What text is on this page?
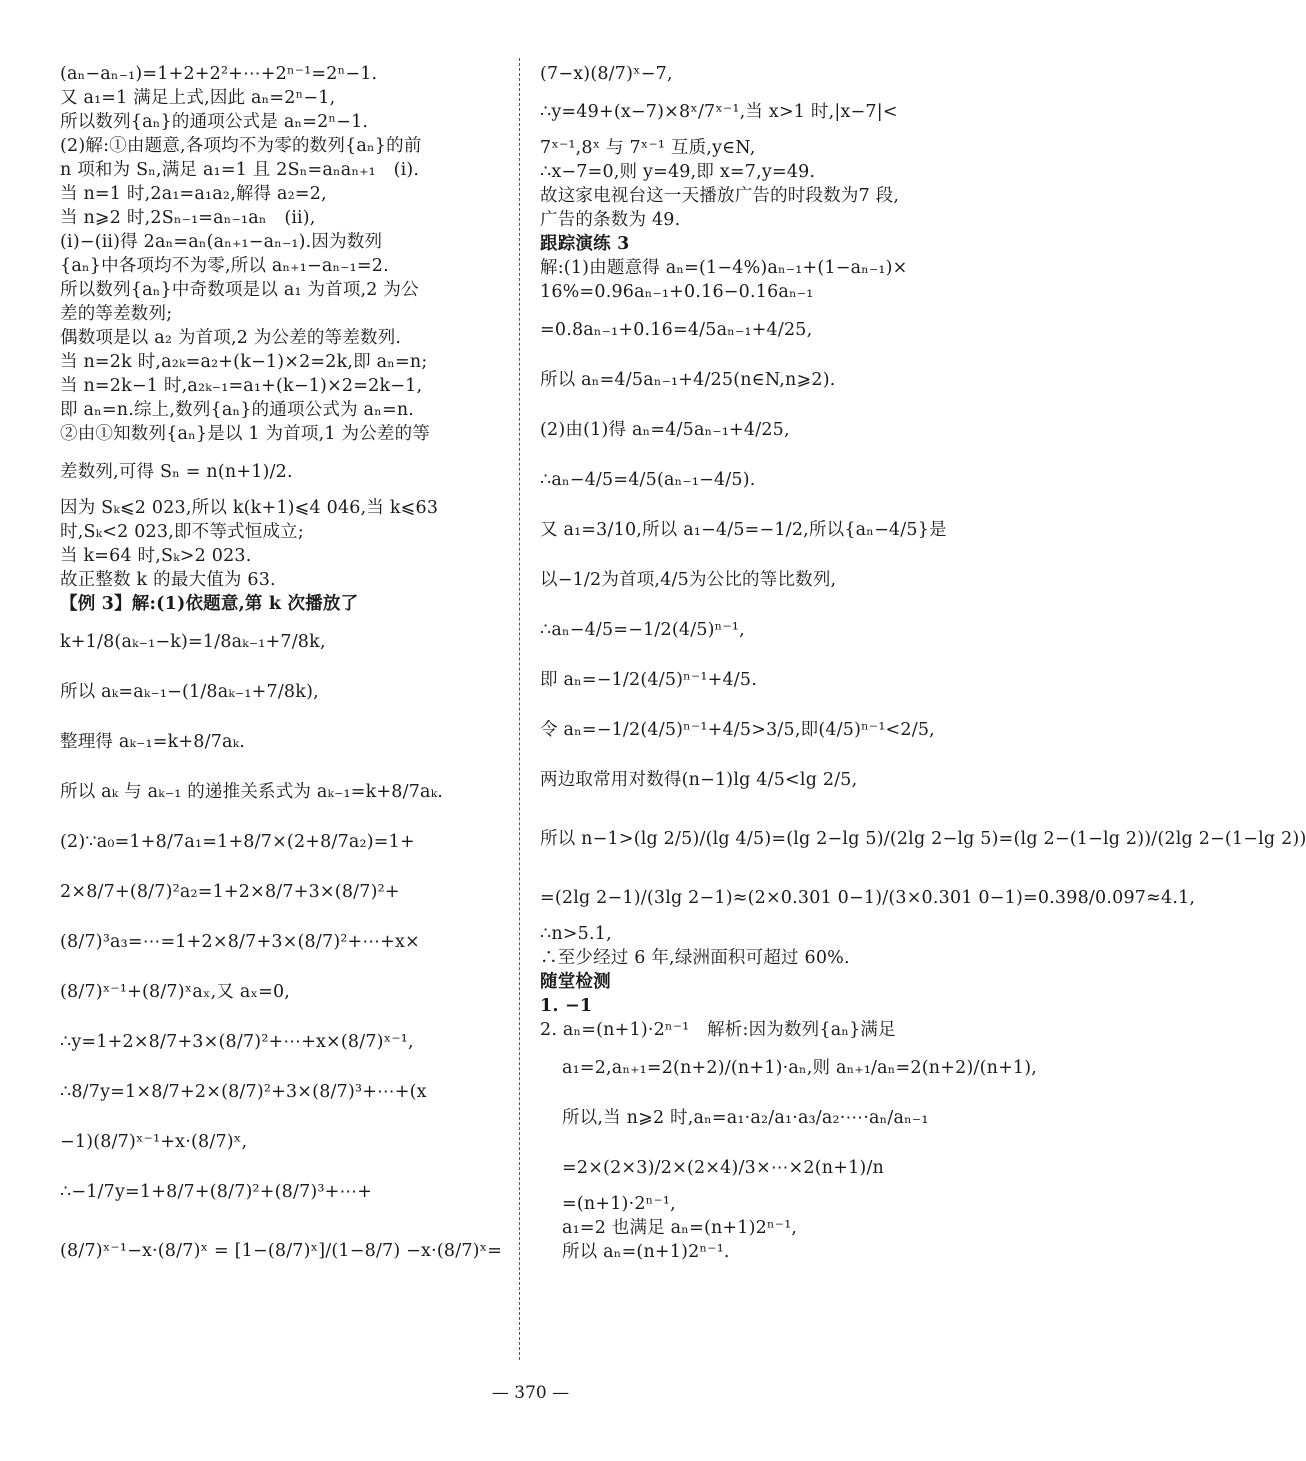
(aₙ−aₙ₋₁)=1+2+2²+⋯+2ⁿ⁻¹=2ⁿ−1.

又 a₁=1 满足上式,因此 aₙ=2ⁿ−1,

所以数列{aₙ}的通项公式是 aₙ=2ⁿ−1.

(2)解:①由题意,各项均不为零的数列{aₙ}的前

n 项和为 Sₙ,满足 a₁=1 且 2Sₙ=aₙaₙ₊₁　(ⅰ).

当 n=1 时,2a₁=a₁a₂,解得 a₂=2,

当 n⩾2 时,2Sₙ₋₁=aₙ₋₁aₙ　(ⅱ),

(ⅰ)−(ⅱ)得 2aₙ=aₙ(aₙ₊₁−aₙ₋₁).因为数列

{aₙ}中各项均不为零,所以 aₙ₊₁−aₙ₋₁=2.

所以数列{aₙ}中奇数项是以 a₁ 为首项,2 为公

差的等差数列;

偶数项是以 a₂ 为首项,2 为公差的等差数列.

当 n=2k 时,a₂ₖ=a₂+(k−1)×2=2k,即 aₙ=n;

当 n=2k−1 时,a₂ₖ₋₁=a₁+(k−1)×2=2k−1,

即 aₙ=n.综上,数列{aₙ}的通项公式为 aₙ=n.

②由①知数列{aₙ}是以 1 为首项,1 为公差的等

差数列,可得 Sₙ = n(n+1)/2.

因为 Sₖ⩽2 023,所以 k(k+1)⩽4 046,当 k⩽63

时,Sₖ<2 023,即不等式恒成立;

当 k=64 时,Sₖ>2 023.

故正整数 k 的最大值为 63.

【例 3】解:(1)依题意,第 k 次播放了

k+1/8(aₖ₋₁−k)=1/8aₖ₋₁+7/8k,

所以 aₖ=aₖ₋₁−(1/8aₖ₋₁+7/8k),

整理得 aₖ₋₁=k+8/7aₖ.

所以 aₖ 与 aₖ₋₁ 的递推关系式为 aₖ₋₁=k+8/7aₖ.

(2)∵a₀=1+8/7a₁=1+8/7×(2+8/7a₂)=1+

2×8/7+(8/7)²a₂=1+2×8/7+3×(8/7)²+

(8/7)³a₃=⋯=1+2×8/7+3×(8/7)²+⋯+x×

(8/7)ˣ⁻¹+(8/7)ˣaₓ,又 aₓ=0,

∴y=1+2×8/7+3×(8/7)²+⋯+x×(8/7)ˣ⁻¹,

∴8/7y=1×8/7+2×(8/7)²+3×(8/7)³+⋯+(x

−1)(8/7)ˣ⁻¹+x·(8/7)ˣ,

∴−1/7y=1+8/7+(8/7)²+(8/7)³+⋯+

(8/7)ˣ⁻¹−x·(8/7)ˣ = [1−(8/7)ˣ]/(1−8/7) −x·(8/7)ˣ=

(7−x)(8/7)ˣ−7,

∴y=49+(x−7)×8ˣ/7ˣ⁻¹,当 x>1 时,|x−7|<

7ˣ⁻¹,8ˣ 与 7ˣ⁻¹ 互质,y∈N,

∴x−7=0,则 y=49,即 x=7,y=49.

故这家电视台这一天播放广告的时段数为7 段,

广告的条数为 49.

跟踪演练 3

解:(1)由题意得 aₙ=(1−4%)aₙ₋₁+(1−aₙ₋₁)×

16%=0.96aₙ₋₁+0.16−0.16aₙ₋₁

=0.8aₙ₋₁+0.16=4/5aₙ₋₁+4/25,

所以 aₙ=4/5aₙ₋₁+4/25(n∈N,n⩾2).

(2)由(1)得 aₙ=4/5aₙ₋₁+4/25,

∴aₙ−4/5=4/5(aₙ₋₁−4/5).

又 a₁=3/10,所以 a₁−4/5=−1/2,所以{aₙ−4/5}是

以−1/2为首项,4/5为公比的等比数列,

∴aₙ−4/5=−1/2(4/5)ⁿ⁻¹,

即 aₙ=−1/2(4/5)ⁿ⁻¹+4/5.

令 aₙ=−1/2(4/5)ⁿ⁻¹+4/5>3/5,即(4/5)ⁿ⁻¹<2/5,

两边取常用对数得(n−1)lg 4/5<lg 2/5,

所以 n−1>(lg 2/5)/(lg 4/5)=(lg 2−lg 5)/(2lg 2−lg 5)=(lg 2−(1−lg 2))/(2lg 2−(1−lg 2))

=(2lg 2−1)/(3lg 2−1)≈(2×0.301 0−1)/(3×0.301 0−1)=0.398/0.097≈4.1,

∴n>5.1,

∴至少经过 6 年,绿洲面积可超过 60%.

随堂检测

1. −1

2. aₙ=(n+1)·2ⁿ⁻¹　解析:因为数列{aₙ}满足

a₁=2,aₙ₊₁=2(n+2)/(n+1)·aₙ,则 aₙ₊₁/aₙ=2(n+2)/(n+1),

所以,当 n⩾2 时,aₙ=a₁·a₂/a₁·a₃/a₂·⋯·aₙ/aₙ₋₁

=2×(2×3)/2×(2×4)/3×⋯×2(n+1)/n

=(n+1)·2ⁿ⁻¹,

a₁=2 也满足 aₙ=(n+1)2ⁿ⁻¹,

所以 aₙ=(n+1)2ⁿ⁻¹.

— 370 —
